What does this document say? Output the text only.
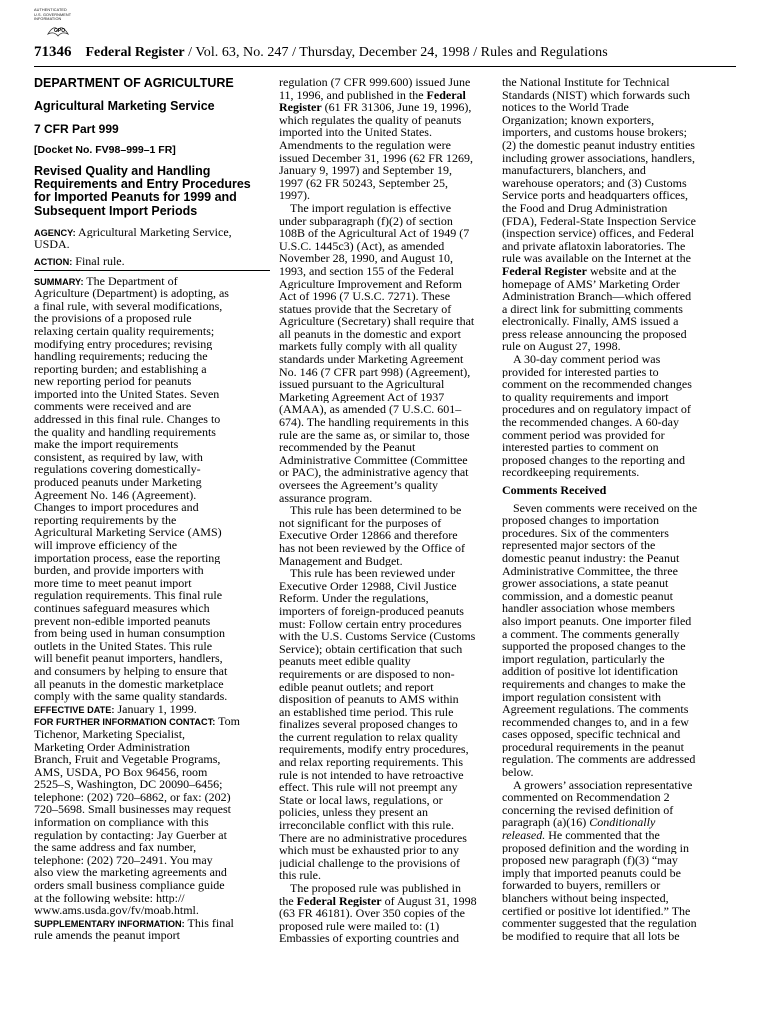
AUTHENTICATED
U.S. GOVERNMENT
INFORMATION
GPO
71346 Federal Register / Vol. 63, No. 247 / Thursday, December 24, 1998 / Rules and Regulations
DEPARTMENT OF AGRICULTURE
Agricultural Marketing Service
7 CFR Part 999
[Docket No. FV98–999–1 FR]
Revised Quality and Handling
Requirements and Entry Procedures
for Imported Peanuts for 1999 and
Subsequent Import Periods
AGENCY: Agricultural Marketing Service,
USDA.
ACTION: Final rule.
SUMMARY: The Department of
Agriculture (Department) is adopting, as
a final rule, with several modifications,
the provisions of a proposed rule
relaxing certain quality requirements;
modifying entry procedures; revising
handling requirements; reducing the
reporting burden; and establishing a
new reporting period for peanuts
imported into the United States. Seven
comments were received and are
addressed in this final rule. Changes to
the quality and handling requirements
make the import requirements
consistent, as required by law, with
regulations covering domestically-
produced peanuts under Marketing
Agreement No. 146 (Agreement).
Changes to import procedures and
reporting requirements by the
Agricultural Marketing Service (AMS)
will improve efficiency of the
importation process, ease the reporting
burden, and provide importers with
more time to meet peanut import
regulation requirements. This final rule
continues safeguard measures which
prevent non-edible imported peanuts
from being used in human consumption
outlets in the United States. This rule
will benefit peanut importers, handlers,
and consumers by helping to ensure that
all peanuts in the domestic marketplace
comply with the same quality standards.
EFFECTIVE DATE: January 1, 1999.
FOR FURTHER INFORMATION CONTACT: Tom
Tichenor, Marketing Specialist,
Marketing Order Administration
Branch, Fruit and Vegetable Programs,
AMS, USDA, PO Box 96456, room
2525–S, Washington, DC 20090–6456;
telephone: (202) 720–6862, or fax: (202)
720–5698. Small businesses may request
information on compliance with this
regulation by contacting: Jay Guerber at
the same address and fax number,
telephone: (202) 720–2491. You may
also view the marketing agreements and
orders small business compliance guide
at the following website: http://
www.ams.usda.gov/fv/moab.html.
SUPPLEMENTARY INFORMATION: This final
rule amends the peanut import
regulation (7 CFR 999.600) issued June
11, 1996, and published in the Federal
Register (61 FR 31306, June 19, 1996),
which regulates the quality of peanuts
imported into the United States.
Amendments to the regulation were
issued December 31, 1996 (62 FR 1269,
January 9, 1997) and September 19,
1997 (62 FR 50243, September 25,
1997).
The import regulation is effective
under subparagraph (f)(2) of section
108B of the Agricultural Act of 1949 (7
U.S.C. 1445c3) (Act), as amended
November 28, 1990, and August 10,
1993, and section 155 of the Federal
Agriculture Improvement and Reform
Act of 1996 (7 U.S.C. 7271). These
statues provide that the Secretary of
Agriculture (Secretary) shall require that
all peanuts in the domestic and export
markets fully comply with all quality
standards under Marketing Agreement
No. 146 (7 CFR part 998) (Agreement),
issued pursuant to the Agricultural
Marketing Agreement Act of 1937
(AMAA), as amended (7 U.S.C. 601–
674). The handling requirements in this
rule are the same as, or similar to, those
recommended by the Peanut
Administrative Committee (Committee
or PAC), the administrative agency that
oversees the Agreement’s quality
assurance program.
This rule has been determined to be
not significant for the purposes of
Executive Order 12866 and therefore
has not been reviewed by the Office of
Management and Budget.
This rule has been reviewed under
Executive Order 12988, Civil Justice
Reform. Under the regulations,
importers of foreign-produced peanuts
must: Follow certain entry procedures
with the U.S. Customs Service (Customs
Service); obtain certification that such
peanuts meet edible quality
requirements or are disposed to non-
edible peanut outlets; and report
disposition of peanuts to AMS within
an established time period. This rule
finalizes several proposed changes to
the current regulation to relax quality
requirements, modify entry procedures,
and relax reporting requirements. This
rule is not intended to have retroactive
effect. This rule will not preempt any
State or local laws, regulations, or
policies, unless they present an
irreconcilable conflict with this rule.
There are no administrative procedures
which must be exhausted prior to any
judicial challenge to the provisions of
this rule.
The proposed rule was published in
the Federal Register of August 31, 1998
(63 FR 46181). Over 350 copies of the
proposed rule were mailed to: (1)
Embassies of exporting countries and
the National Institute for Technical
Standards (NIST) which forwards such
notices to the World Trade
Organization; known exporters,
importers, and customs house brokers;
(2) the domestic peanut industry entities
including grower associations, handlers,
manufacturers, blanchers, and
warehouse operators; and (3) Customs
Service ports and headquarters offices,
the Food and Drug Administration
(FDA), Federal-State Inspection Service
(inspection service) offices, and Federal
and private aflatoxin laboratories. The
rule was available on the Internet at the
Federal Register website and at the
homepage of AMS’ Marketing Order
Administration Branch—which offered
a direct link for submitting comments
electronically. Finally, AMS issued a
press release announcing the proposed
rule on August 27, 1998.
A 30-day comment period was
provided for interested parties to
comment on the recommended changes
to quality requirements and import
procedures and on regulatory impact of
the recommended changes. A 60-day
comment period was provided for
interested parties to comment on
proposed changes to the reporting and
recordkeeping requirements.
Comments Received
Seven comments were received on the
proposed changes to importation
procedures. Six of the commenters
represented major sectors of the
domestic peanut industry: the Peanut
Administrative Committee, the three
grower associations, a state peanut
commission, and a domestic peanut
handler association whose members
also import peanuts. One importer filed
a comment. The comments generally
supported the proposed changes to the
import regulation, particularly the
addition of positive lot identification
requirements and changes to make the
import regulation consistent with
Agreement regulations. The comments
recommended changes to, and in a few
cases opposed, specific technical and
procedural requirements in the peanut
regulation. The comments are addressed
below.
A growers’ association representative
commented on Recommendation 2
concerning the revised definition of
paragraph (a)(16) Conditionally
released. He commented that the
proposed definition and the wording in
proposed new paragraph (f)(3) “may
imply that imported peanuts could be
forwarded to buyers, remillers or
blanchers without being inspected,
certified or positive lot identified.” The
commenter suggested that the regulation
be modified to require that all lots be
